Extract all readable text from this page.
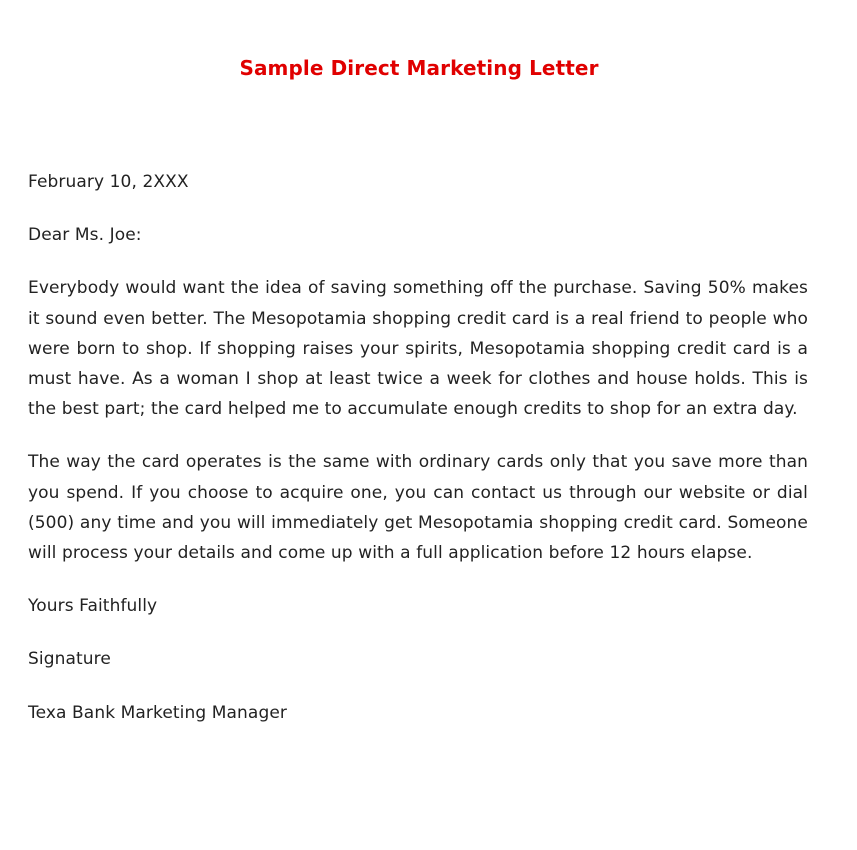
Sample Direct Marketing Letter

February 10, 2XXX

Dear Ms. Joe:

Everybody would want the idea of saving something off the purchase. Saving 50% makes it sound even better. The Mesopotamia shopping credit card is a real friend to people who were born to shop. If shopping raises your spirits, Mesopotamia shopping credit card is a must have. As a woman I shop at least twice a week for clothes and house holds. This is the best part; the card helped me to accumulate enough credits to shop for an extra day.

The way the card operates is the same with ordinary cards only that you save more than you spend. If you choose to acquire one, you can contact us through our website or dial (500) any time and you will immediately get Mesopotamia shopping credit card. Someone will process your details and come up with a full application before 12 hours elapse.

Yours Faithfully

Signature

Texa Bank Marketing Manager
